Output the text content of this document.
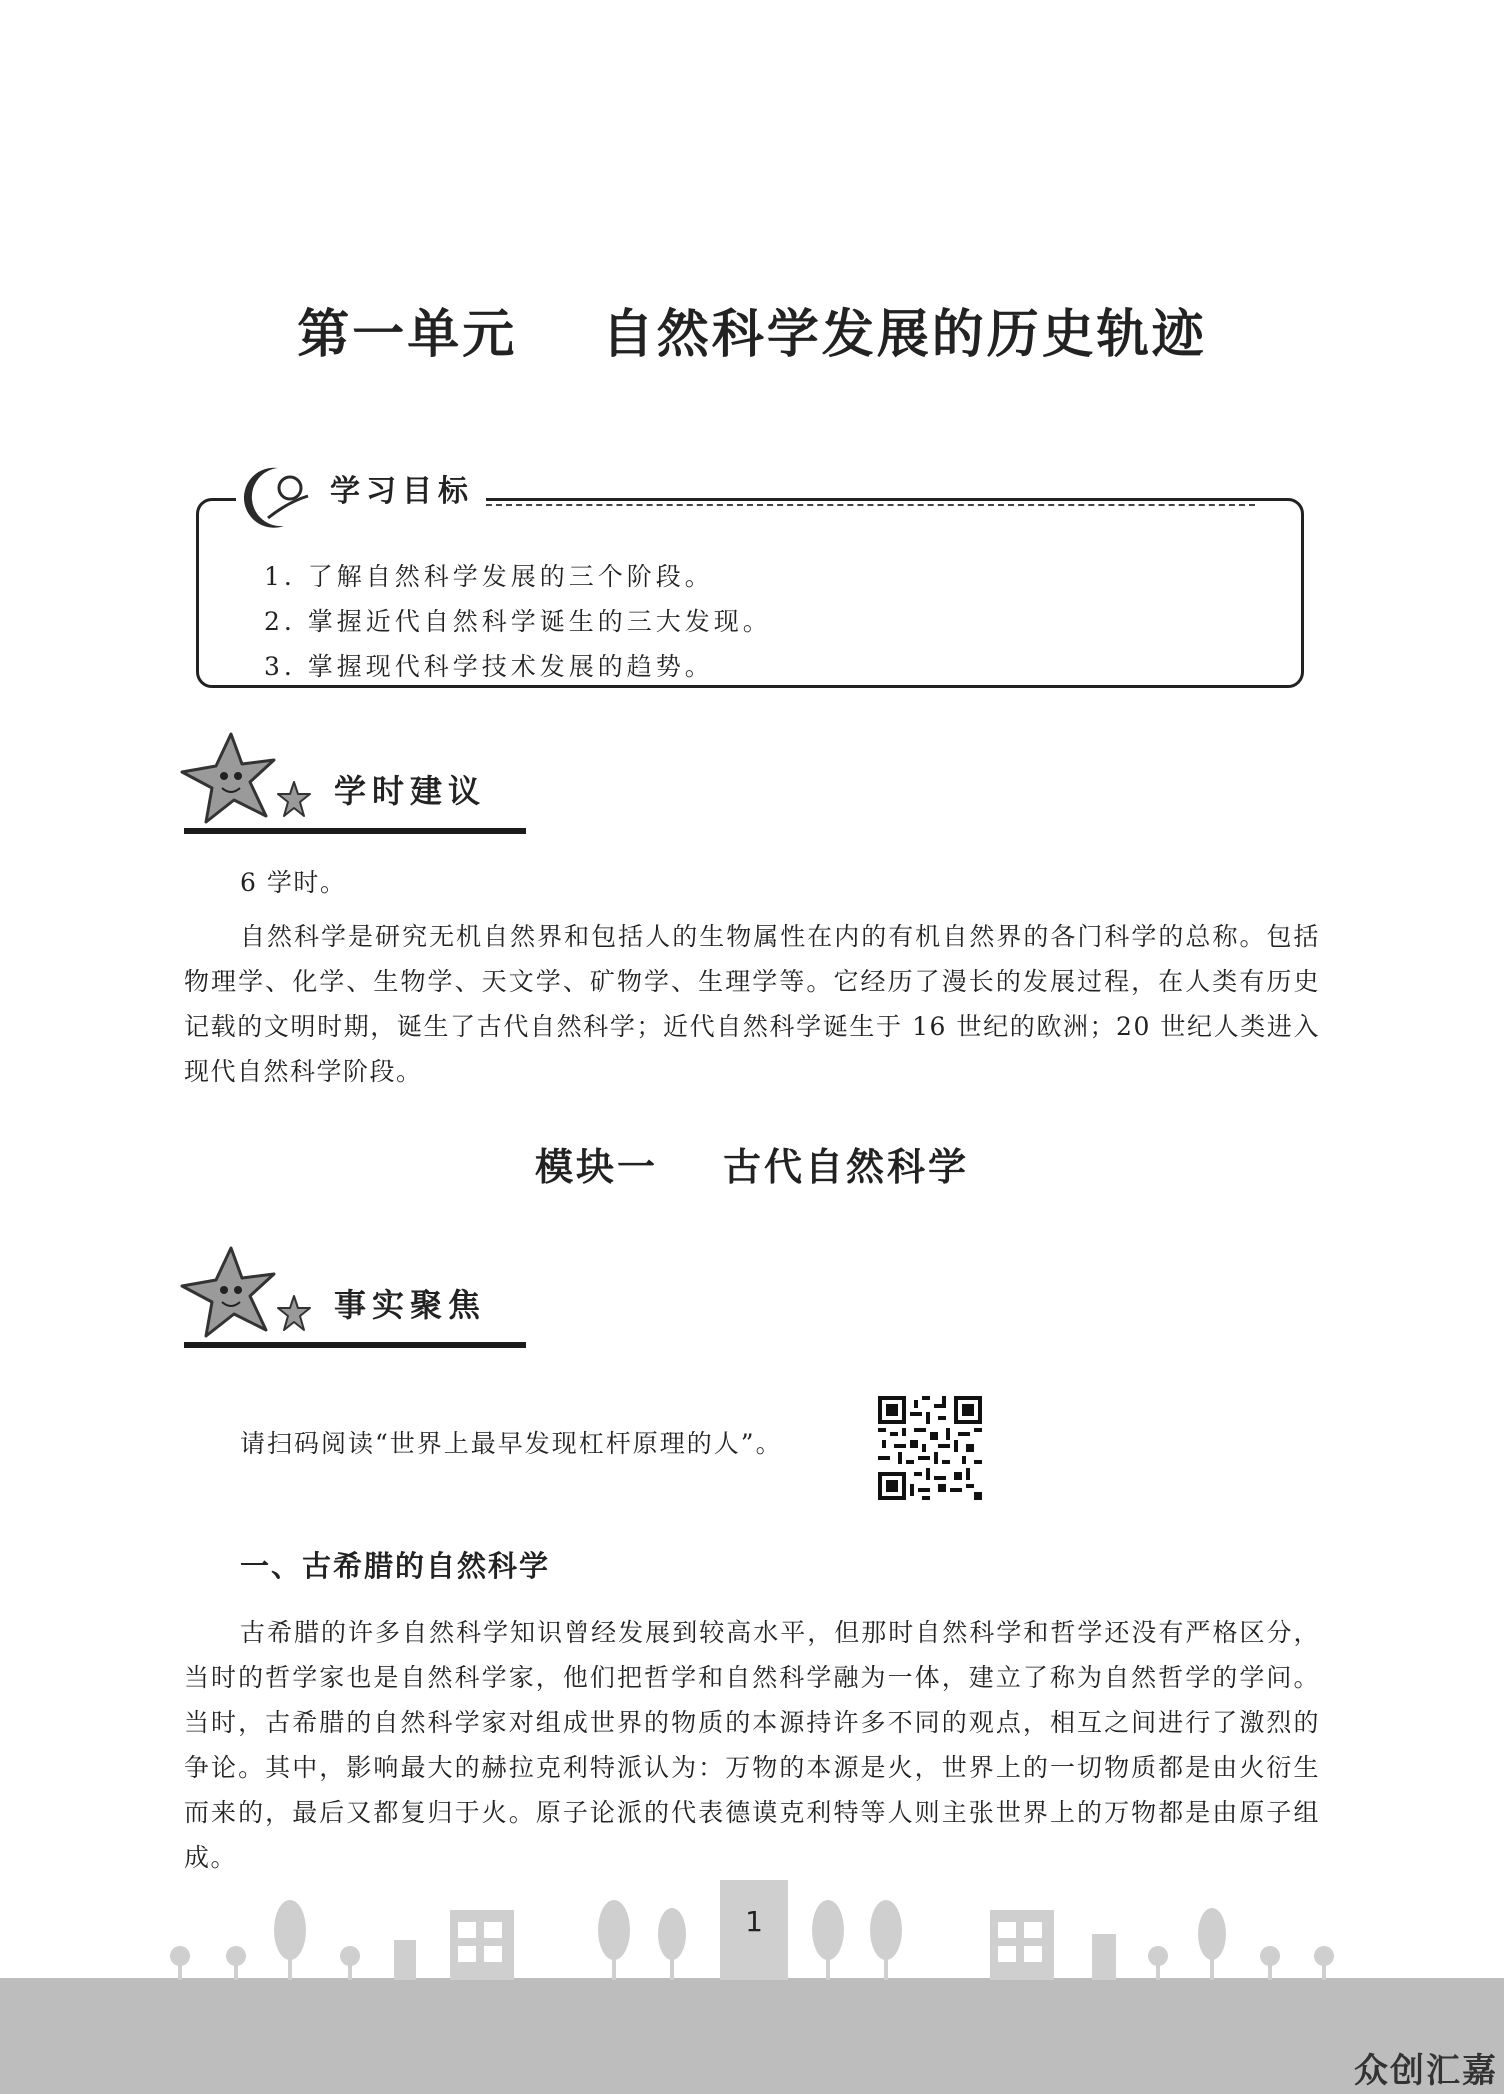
第一单元    自然科学发展的历史轨迹
学习目标
1. 了解自然科学发展的三个阶段。
2. 掌握近代自然科学诞生的三大发现。
3. 掌握现代科学技术发展的趋势。
学时建议
6 学时。
自然科学是研究无机自然界和包括人的生物属性在内的有机自然界的各门科学的总称。包括物理学、化学、生物学、天文学、矿物学、生理学等。它经历了漫长的发展过程，在人类有历史记载的文明时期，诞生了古代自然科学；近代自然科学诞生于 16 世纪的欧洲；20 世纪人类进入现代自然科学阶段。
模块一    古代自然科学
事实聚焦
请扫码阅读“世界上最早发现杠杆原理的人”。
一、古希腊的自然科学
古希腊的许多自然科学知识曾经发展到较高水平，但那时自然科学和哲学还没有严格区分，当时的哲学家也是自然科学家，他们把哲学和自然科学融为一体，建立了称为自然哲学的学问。当时，古希腊的自然科学家对组成世界的物质的本源持许多不同的观点，相互之间进行了激烈的争论。其中，影响最大的赫拉克利特派认为：万物的本源是火，世界上的一切物质都是由火衍生而来的，最后又都复归于火。原子论派的代表德谟克利特等人则主张世界上的万物都是由原子组成。
1
众创汇嘉
